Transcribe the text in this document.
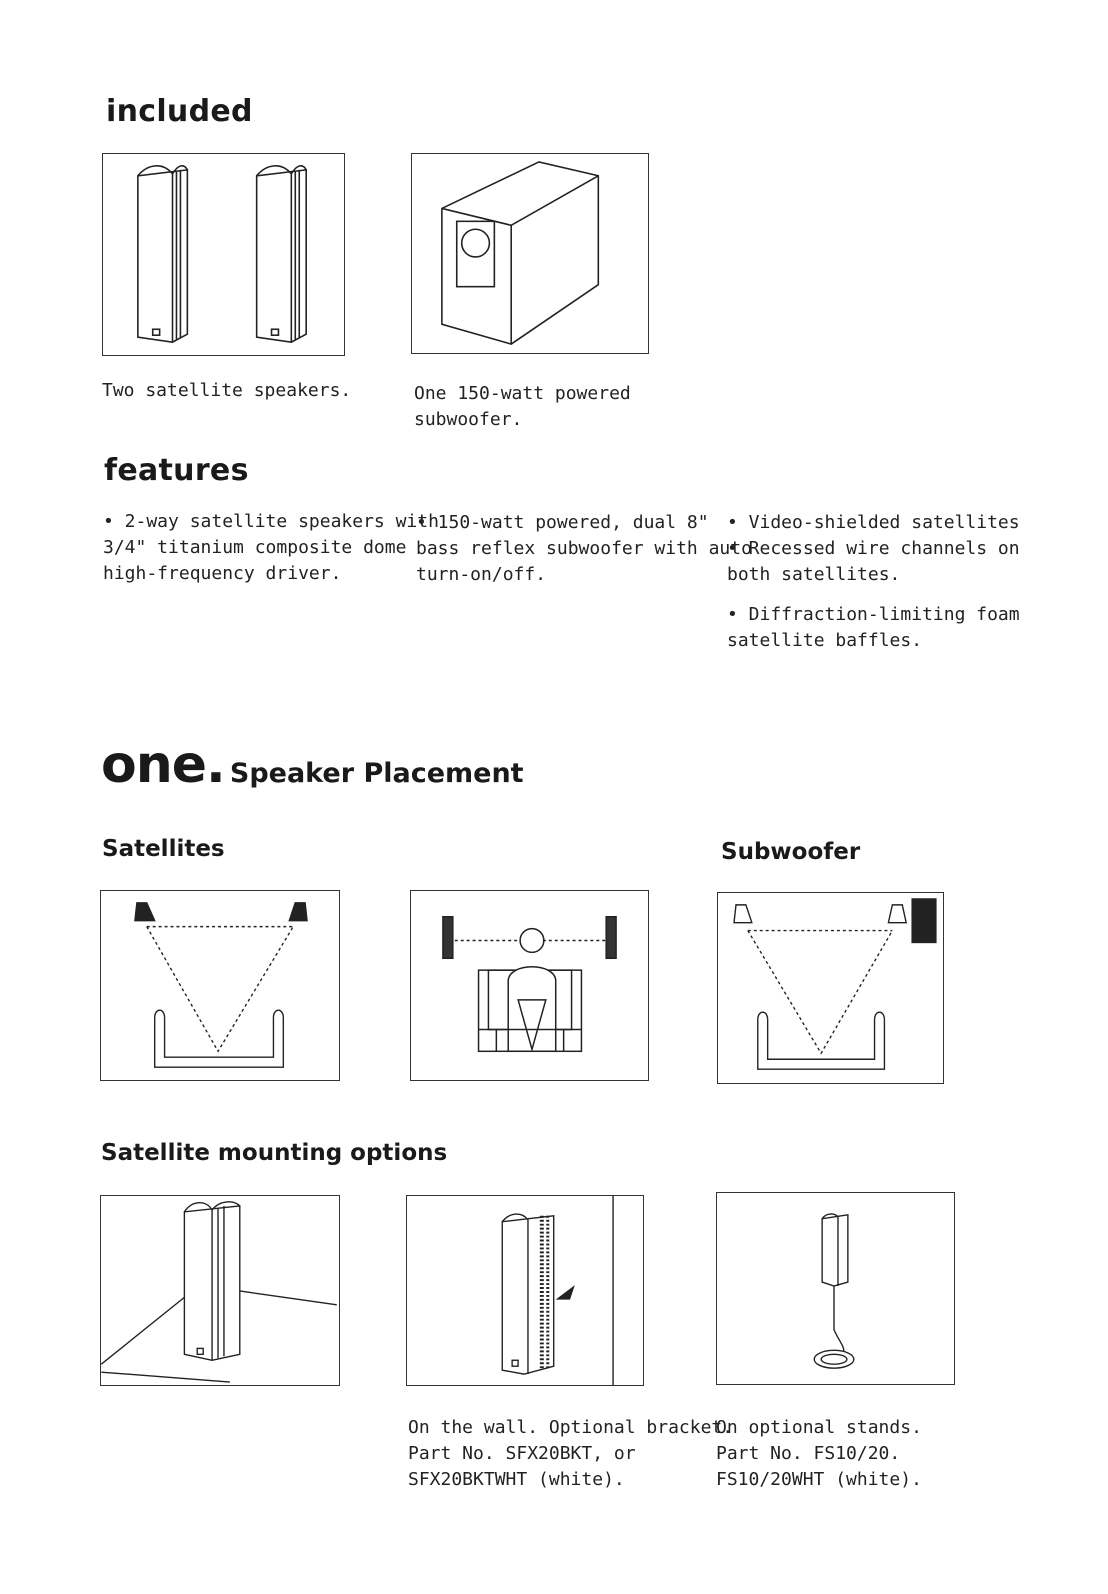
included
Two satellite speakers.	One 150-watt powered
subwoofer.
features
• 2-way satellite speakers with
3/4" titanium composite dome
high-frequency driver.
• 150-watt powered, dual 8"
bass reflex subwoofer with auto
turn-on/off.
• Video-shielded satellites
• Recessed wire channels on
both satellites.
• Diffraction-limiting foam
satellite baffles.
one. Speaker Placement
Satellites	Subwoofer
Satellite mounting options
On the wall. Optional bracket.
Part No. SFX20BKT, or
SFX20BKTWHT (white).
On optional stands.
Part No. FS10/20.
FS10/20WHT (white).
